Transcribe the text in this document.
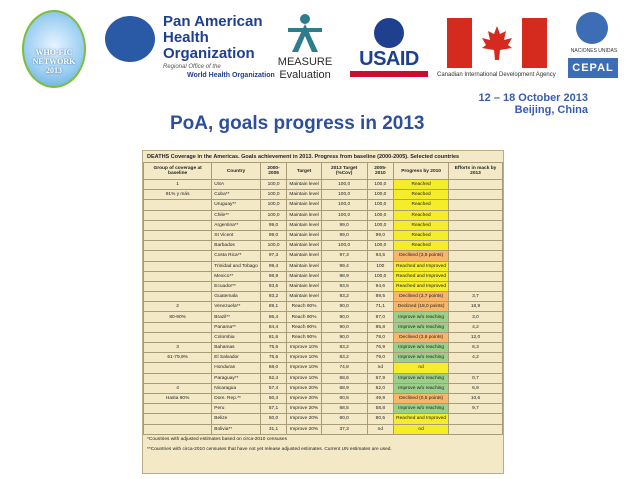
WHO-FIC NETWORK 2013
Pan American Health Organization
Regional Office of the
World Health Organization
MEASURE
Evaluation
USAID
Canadian International Development Agency
NACIONES UNIDAS
CEPAL
12 – 18 October 2013
Beijing, China
PoA, goals progress in 2013
DEATHS Coverage in the Americas. Goals achievement in 2013. Progress from baseline (2000-2005). Selected countries
Group of coverage at baseline	Country	2000-2005	Target	2013 Target (%Cov)	2005-2010	Progress by 2010	Efforts in mack by 2013
1	USA	100,0	Maintain level	100,0	100,0	Reached	
91% y más	Cuba**	100,0	Maintain level	100,0	100,0	Reached	
	Uruguay**	100,0	Maintain level	100,0	100,0	Reached	
	Chile**	100,0	Maintain level	100,0	100,0	Reached	
	Argentina**	99,0	Maintain level	99,0	100,0	Reached	
	St Vicent	99,0	Maintain level	99,0	99,0	Reached	
	Barbados	100,0	Maintain level	100,0	100,0	Reached	
	Costa Rica**	97,3	Maintain level	97,3	93,5	Declined (3,8 points)	
	Trinidad and Tobago	99,4	Maintain level	99,4	100	Reached and Improved	
	Mexico**	98,9	Maintain level	98,9	100,0	Reached and Improved	
	Ecuador**	93,5	Maintain level	93,5	94,6	Reached and Improved	
	Guatemala	93,2	Maintain level	93,2	89,5	Declined (3,7 points)	3,7
2	Venezuela**	89,1	Reach 90%	90,0	71,1	Declined (18,0 points)	18,9
80-90%	Brazil**	86,4	Reach 90%	90,0	87,0	Improve w/o reaching	3,0
	Panama**	84,4	Reach 90%	90,0	85,8	Improve w/o reaching	4,2
	Colombia	81,6	Reach 90%	90,0	78,0	Declined (3,6 points)	12,0
3	Bahamas	75,6	Improve 10%	83,2	76,9	Improve w/o reaching	6,3
61-79,9%	El Salvador	75,6	Improve 10%	83,2	79,0	Improve w/o reaching	4,2
	Honduras	68,0	Improve 10%	74,8	nd	nd	
	Paraguay**	62,4	Improve 10%	68,6	67,9	Improve w/o reaching	0,7
4	Nicaragua	57,4	Improve 20%	68,9	62,0	Improve w/o reaching	6,9
Hasta 60%	Dom. Rep.**	50,4	Improve 20%	60,5	49,9	Declined (0,5 points)	10,6
	Peru	57,1	Improve 20%	68,5	58,8	Improve w/o reaching	9,7
	Belize	50,0	Improve 20%	60,0	80,5	Reached and Improved	
	Bolivia**	31,1	Improve 20%	37,3	nd	nd	
*Countries with adjusted estimates based on circa-2010 censuses
**Countries with circa-2010 censuses that have not yet release adjusted estimates. Current UN estimates are used.
